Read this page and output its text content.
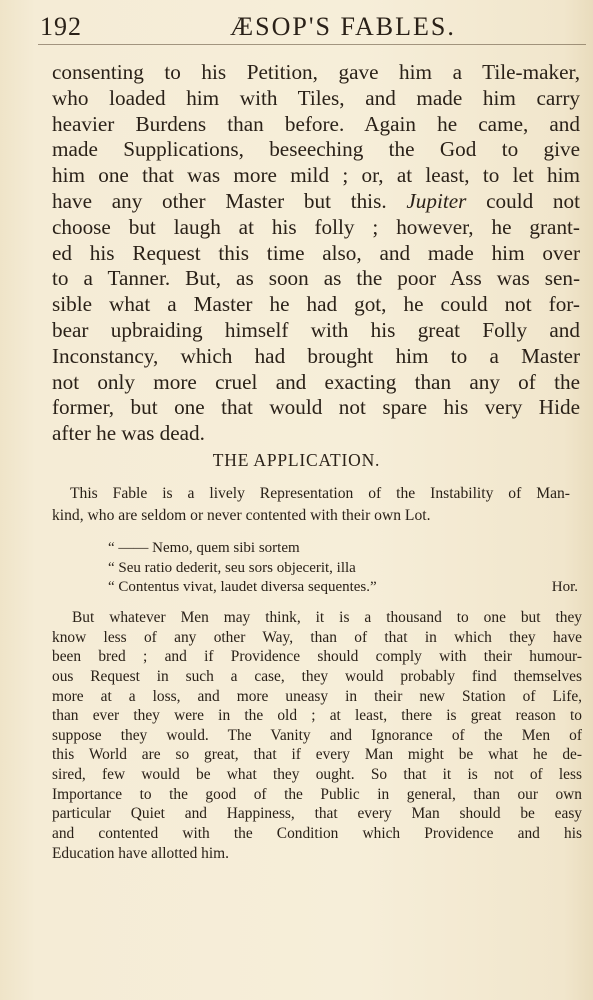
192	ÆSOP'S FABLES.
consenting to his Petition, gave him a Tile-maker,
who loaded him with Tiles, and made him carry
heavier Burdens than before. Again he came, and
made Supplications, beseeching the God to give
him one that was more mild ; or, at least, to let him
have any other Master but this. Jupiter could not
choose but laugh at his folly ; however, he grant-
ed his Request this time also, and made him over
to a Tanner. But, as soon as the poor Ass was sen-
sible what a Master he had got, he could not for-
bear upbraiding himself with his great Folly and
Inconstancy, which had brought him to a Master
not only more cruel and exacting than any of the
former, but one that would not spare his very Hide
after he was dead.
THE APPLICATION.
This Fable is a lively Representation of the Instability of Man-
kind, who are seldom or never contented with their own Lot.
“ —— Nemo, quem sibi sortem
“ Seu ratio dederit, seu sors objecerit, illa
“ Contentus vivat, laudet diversa sequentes.”	Hor.
But whatever Men may think, it is a thousand to one but they
know less of any other Way, than of that in which they have
been bred ; and if Providence should comply with their humour-
ous Request in such a case, they would probably find themselves
more at a loss, and more uneasy in their new Station of Life,
than ever they were in the old ; at least, there is great reason to
suppose they would. The Vanity and Ignorance of the Men of
this World are so great, that if every Man might be what he de-
sired, few would be what they ought. So that it is not of less
Importance to the good of the Public in general, than our own
particular Quiet and Happiness, that every Man should be easy
and contented with the Condition which Providence and his
Education have allotted him.
